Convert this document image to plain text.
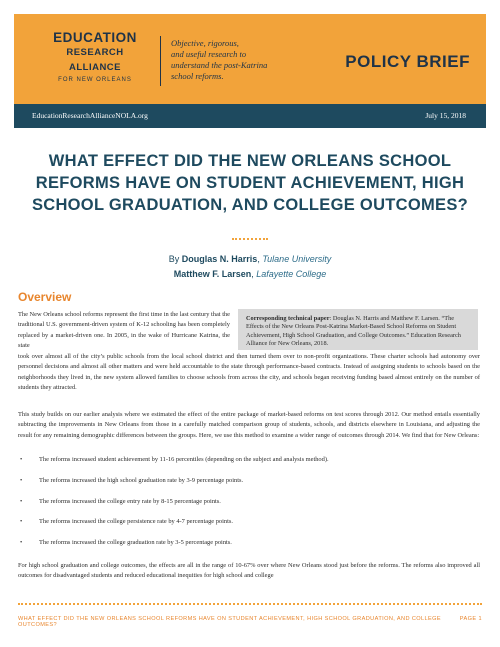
EDUCATION
RESEARCH ALLIANCE
FOR NEW ORLEANS
Objective, rigorous,
and useful research to
understand the post-Katrina
school reforms.
POLICY BRIEF
EducationResearchAllianceNOLA.org	July 15, 2018
WHAT EFFECT DID THE NEW ORLEANS SCHOOL REFORMS HAVE ON STUDENT ACHIEVEMENT, HIGH SCHOOL GRADUATION, AND COLLEGE OUTCOMES?
By Douglas N. Harris, Tulane University
Matthew F. Larsen, Lafayette College
Overview
The New Orleans school reforms represent the first time in the last century that the traditional U.S. government-driven system of K-12 schooling has been completely replaced by a market-driven one. In 2005, in the wake of Hurricane Katrina, the state
Corresponding technical paper: Douglas N. Harris and Matthew F. Larsen. “The Effects of the New Orleans Post-Katrina Market-Based School Reforms on Student Achievement, High School Graduation, and College Outcomes.” Education Research Alliance for New Orleans, 2018.
took over almost all of the city’s public schools from the local school district and then turned them over to non-profit organizations. These charter schools had autonomy over personnel decisions and almost all other matters and were held accountable to the state through performance-based contracts. Instead of assigning students to schools based on the neighborhoods they lived in, the new system allowed families to choose schools from across the city, and schools began receiving funding based almost entirely on the number of students they attracted.
This study builds on our earlier analysis where we estimated the effect of the entire package of market-based reforms on test scores through 2012. Our method entails essentially subtracting the improvements in New Orleans from those in a carefully matched comparison group of students, schools, and districts elsewhere in Louisiana, and adjusting the result for any remaining demographic differences between the groups. Here, we use this method to examine a wider range of outcomes through 2014. We find that for New Orleans:
• The reforms increased student achievement by 11-16 percentiles (depending on the subject and analysis method).
• The reforms increased the high school graduation rate by 3-9 percentage points.
• The reforms increased the college entry rate by 8-15 percentage points.
• The reforms increased the college persistence rate by 4-7 percentage points.
• The reforms increased the college graduation rate by 3-5 percentage points.
For high school graduation and college outcomes, the effects are all in the range of 10-67% over where New Orleans stood just before the reforms. The reforms also improved all outcomes for disadvantaged students and reduced educational inequities for high school and college
WHAT EFFECT DID THE NEW ORLEANS SCHOOL REFORMS HAVE ON STUDENT ACHIEVEMENT, HIGH SCHOOL GRADUATION, AND COLLEGE OUTCOMES?
PAGE 1
